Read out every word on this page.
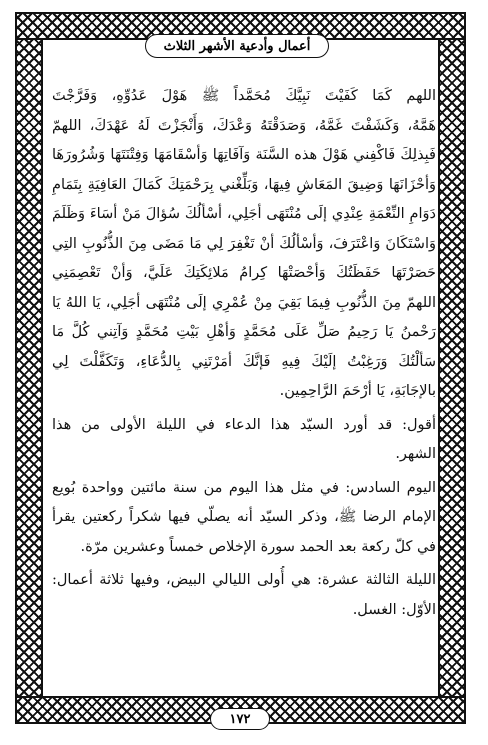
أعمال وأدعية الأشهر الثلاث
اللهم كَمَا كَفَيْتَ نَبِيَّكَ مُحَمَّداً ﷺ هَوْلَ عَدُوِّهِ، وَفَرَّجْتَ
هَمَّهُ، وَكَشَفْتَ غَمَّهُ، وَصَدَقْتَهُ وَعْدَكَ، وَأَنْجَزْتَ لَهُ عَهْدَكَ، اللهمّ
فَبِذلِكَ فَاكْفِني هَوْلَ هذه السَّنَة وَآفَاتِهَا وَأسْقَامَهَا وَفِتْنَتَهَا وَشُرُورَهَا
وَأحْزَانَهَا وَضِيقَ المَعَاشِ فِيهَا، وَبَلِّغْني بِرَحْمَتِكَ كَمَالَ العَافِيَةِ بِتَمَامِ
دَوَامِ النِّعْمَةِ عِنْدِي إلَى مُنْتَهَى أجَلِي، أسْألُكَ سُؤالَ مَنْ أسَاءَ وَظَلَمَ
وَاسْتَكَانَ وَاعْتَرَفَ، وَأسْألُكَ أنْ تَغْفِرَ لِي مَا مَضَى مِنَ الذُّنُوبِ التِي
حَصَرْتَهَا حَفَظَتُكَ وَأحْصَتْهَا كِرامُ مَلائِكَتِكَ عَلَيَّ، وَأنْ تَعْصِمَنِي
اللهمّ مِنَ الذُّنُوبِ فِيمَا بَقِيَ مِنْ عُمْرِي إلَى مُنْتَهَى أجَلِي، يَا اللهُ يَا
رَحْمنُ يَا رَحِيمُ صَلِّ عَلَى مُحَمَّدٍ وَأهْلِ بَيْتِ مُحَمَّدٍ وَآتِني كُلَّ مَا
سَألْتُكَ وَرَغِبْتُ إلَيْكَ فِيهِ فَإنَّكَ أمَرْتَنِي بِالدُّعَاءِ، وَتَكَفَّلْتَ لِي
بالإجَابَةِ، يَا أرْحَمَ الرَّاحِمِين.
أقول: قد أورد السيّد هذا الدعاء في الليلة الأولى من هذا
الشهر.
اليوم السادس: في مثل هذا اليوم من سنة مائتين وواحدة بُويع
الإمام الرضا ﷺ، وذكر السيّد أنه يصلّي فيها شكراً ركعتين يقرأ
في كلّ ركعة بعد الحمد سورة الإخلاص خمساً وعشرين مرّة.
الليلة الثالثة عشرة: هي أُولى الليالي البيض، وفيها ثلاثة أعمال:
الأوّل: الغسل.
١٧٢
